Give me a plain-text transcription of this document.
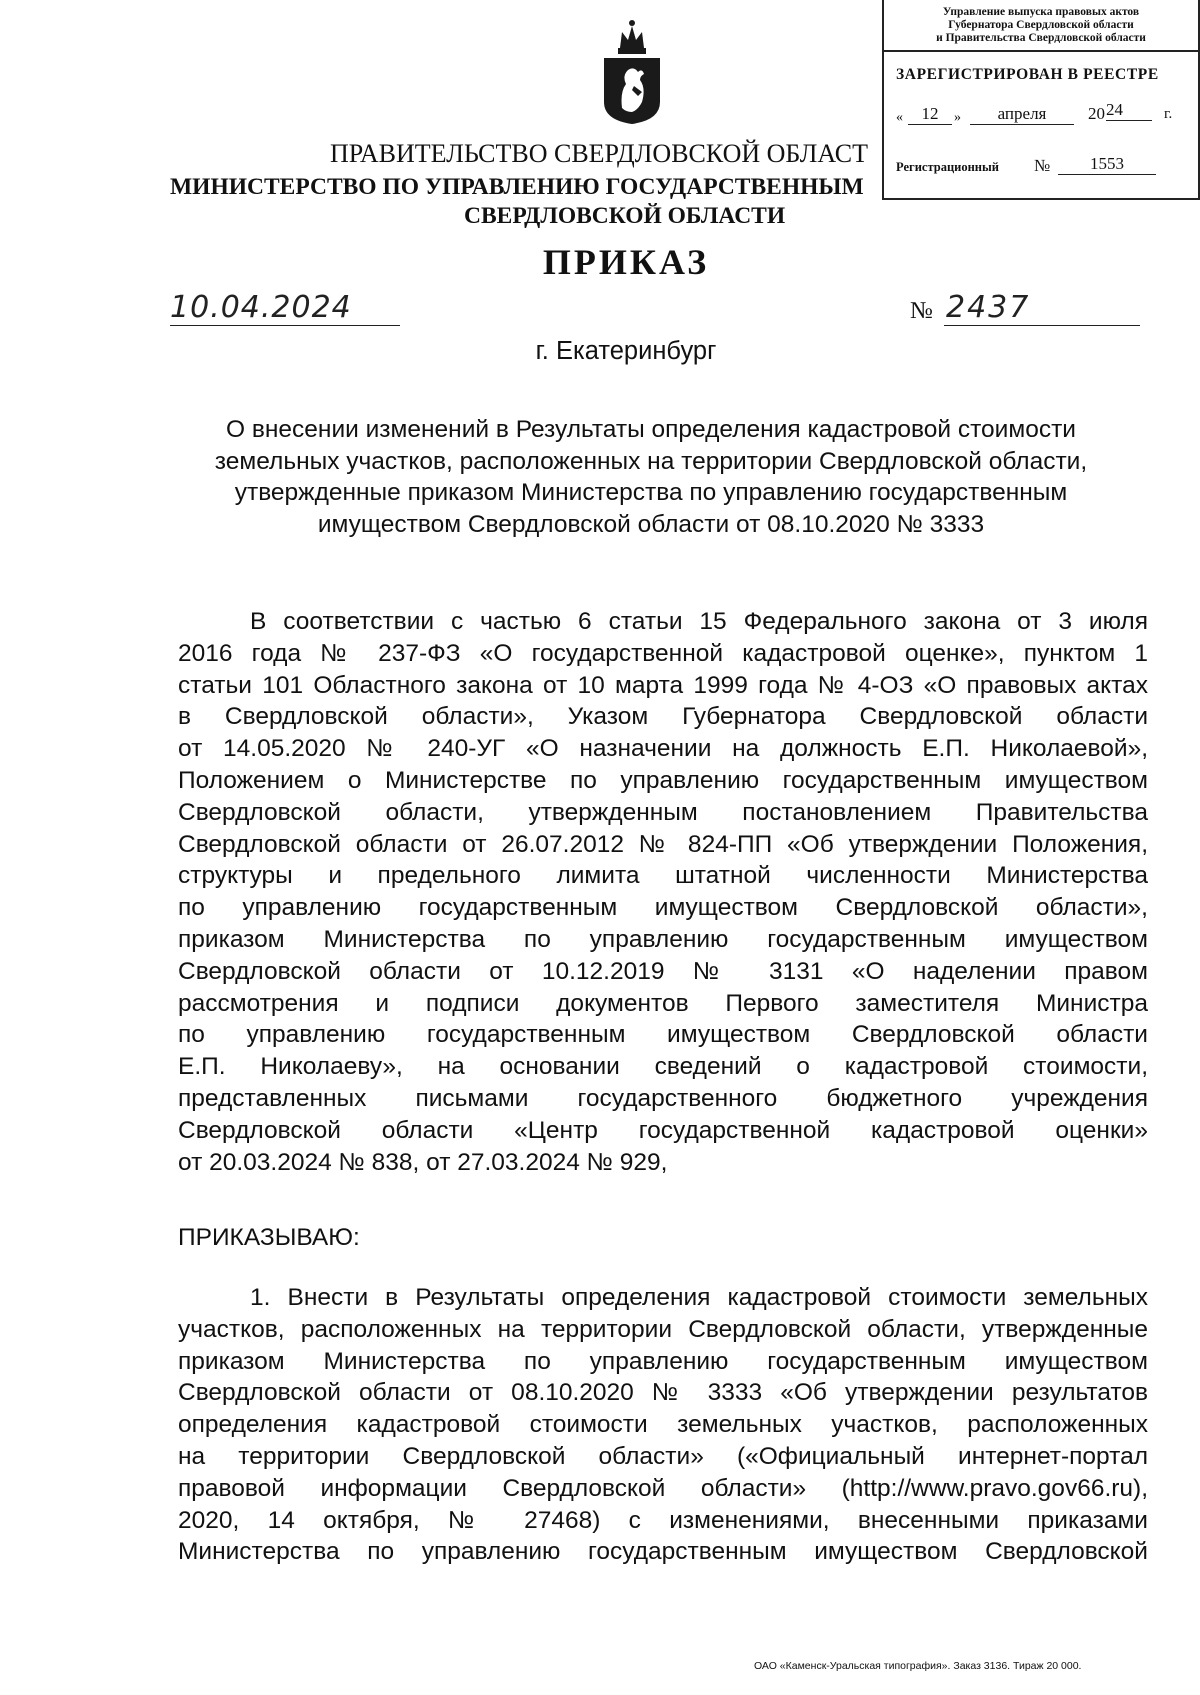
Управление выпуска правовых актов
Губернатора Свердловской области
и Правительства Свердловской области
ЗАРЕГИСТРИРОВАН В РЕЕСТРЕ
«	12	»	апреля	20 24	г.
Регистрационный №	1553
ПРАВИТЕЛЬСТВО СВЕРДЛОВСКОЙ ОБЛАСТ
МИНИСТЕРСТВО ПО УПРАВЛЕНИЮ ГОСУДАРСТВЕННЫМ
СВЕРДЛОВСКОЙ ОБЛАСТИ
ПРИКАЗ
10.04.2024	№ 2437
г. Екатеринбург
О внесении изменений в Результаты определения кадастровой стоимости
земельных участков, расположенных на территории Свердловской области,
утвержденные приказом Министерства по управлению государственным
имуществом Свердловской области от 08.10.2020 № 3333
В соответствии с частью 6 статьи 15 Федерального закона от 3 июля
2016 года № 237-ФЗ «О государственной кадастровой оценке», пунктом 1
статьи 101 Областного закона от 10 марта 1999 года № 4-ОЗ «О правовых актах
в Свердловской области», Указом Губернатора Свердловской области
от 14.05.2020 № 240-УГ «О назначении на должность Е.П. Николаевой»,
Положением о Министерстве по управлению государственным имуществом
Свердловской области, утвержденным постановлением Правительства
Свердловской области от 26.07.2012 № 824-ПП «Об утверждении Положения,
структуры и предельного лимита штатной численности Министерства
по управлению государственным имуществом Свердловской области»,
приказом Министерства по управлению государственным имуществом
Свердловской области от 10.12.2019 № 3131 «О наделении правом
рассмотрения и подписи документов Первого заместителя Министра
по управлению государственным имуществом Свердловской области
Е.П. Николаеву», на основании сведений о кадастровой стоимости,
представленных письмами государственного бюджетного учреждения
Свердловской области «Центр государственной кадастровой оценки»
от 20.03.2024 № 838, от 27.03.2024 № 929,
ПРИКАЗЫВАЮ:
1. Внести в Результаты определения кадастровой стоимости земельных
участков, расположенных на территории Свердловской области, утвержденные
приказом Министерства по управлению государственным имуществом
Свердловской области от 08.10.2020 № 3333 «Об утверждении результатов
определения кадастровой стоимости земельных участков, расположенных
на территории Свердловской области» («Официальный интернет-портал
правовой информации Свердловской области» (http://www.pravo.gov66.ru),
2020, 14 октября, № 27468) с изменениями, внесенными приказами
Министерства по управлению государственным имуществом Свердловской
ОАО «Каменск-Уральская типография». Заказ 3136. Тираж 20 000.
